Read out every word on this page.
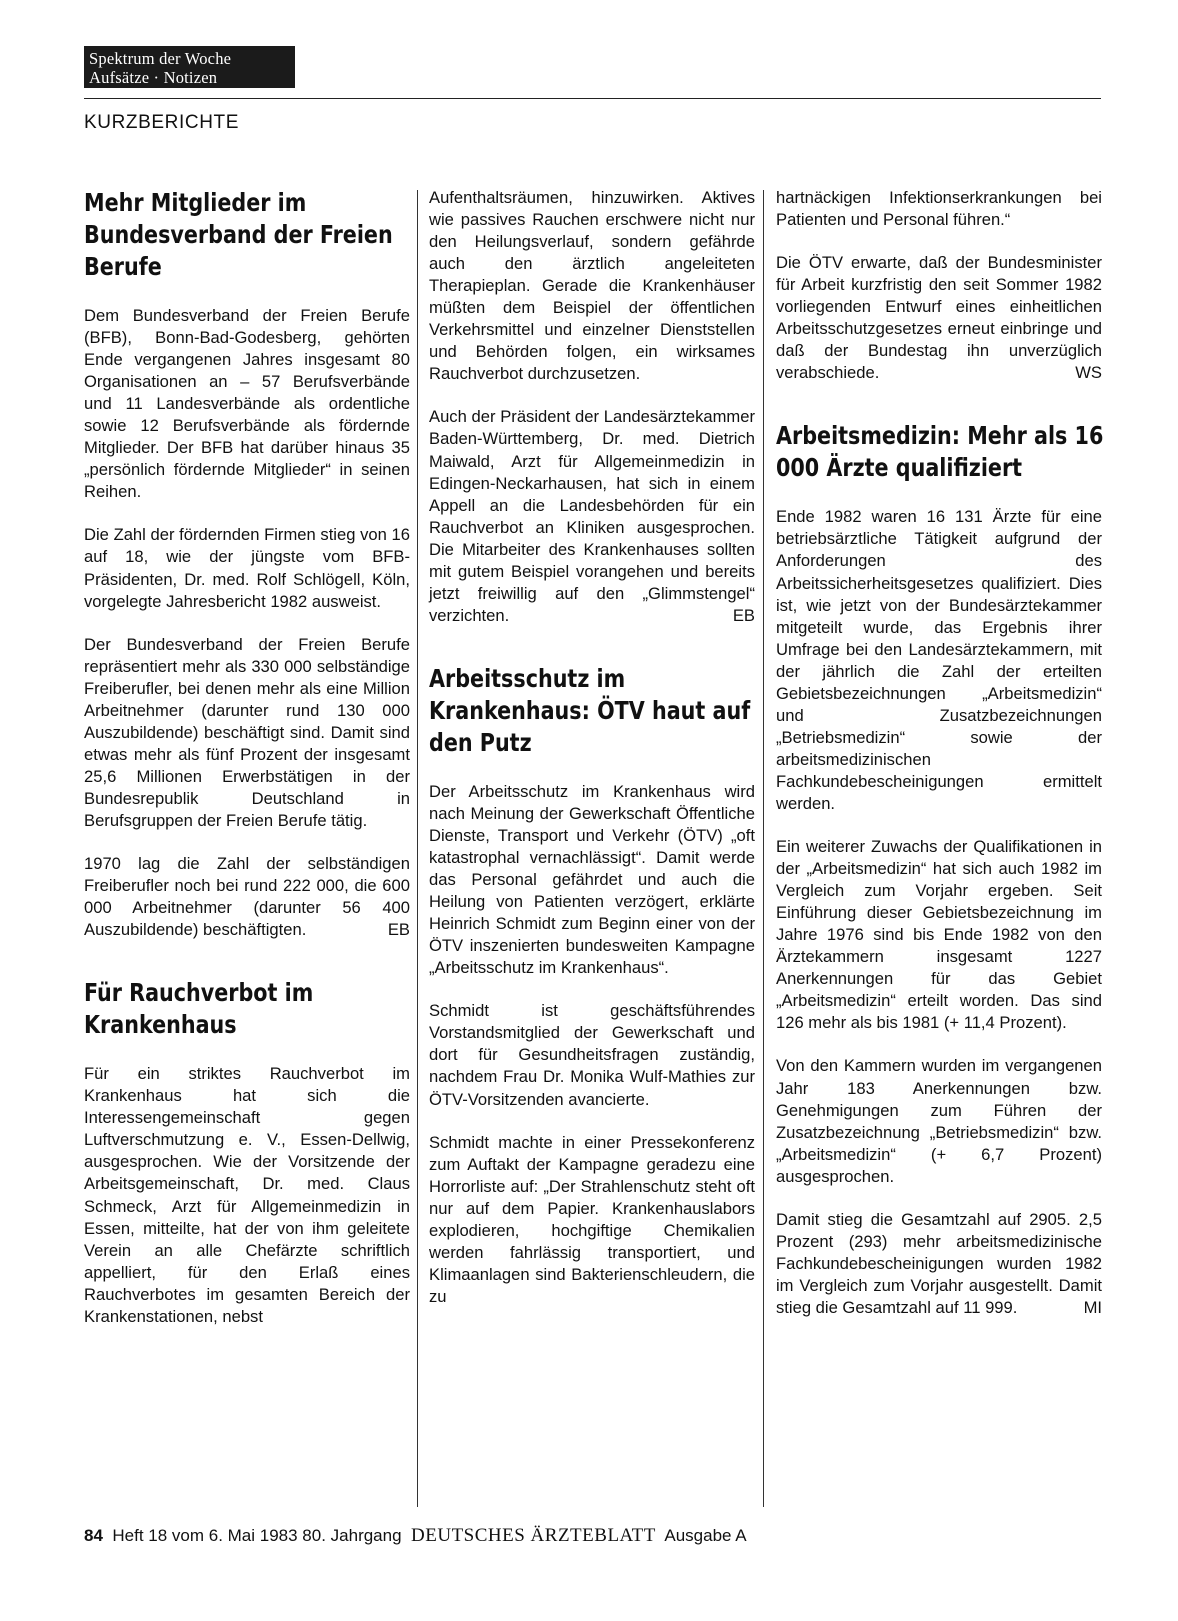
Spektrum der Woche
Aufsätze · Notizen
KURZBERICHTE
Mehr Mitglieder im Bundesverband der Freien Berufe

Dem Bundesverband der Freien Berufe (BFB), Bonn-Bad-Godesberg, gehörten Ende vergangenen Jahres insgesamt 80 Organisationen an – 57 Berufsverbände und 11 Landesverbände als ordentliche sowie 12 Berufsverbände als fördernde Mitglieder. Der BFB hat darüber hinaus 35 „persönlich fördernde Mitglieder“ in seinen Reihen.

Die Zahl der fördernden Firmen stieg von 16 auf 18, wie der jüngste vom BFB-Präsidenten, Dr. med. Rolf Schlögell, Köln, vorgelegte Jahresbericht 1982 ausweist.

Der Bundesverband der Freien Berufe repräsentiert mehr als 330 000 selbständige Freiberufler, bei denen mehr als eine Million Arbeitnehmer (darunter rund 130 000 Auszubildende) beschäftigt sind. Damit sind etwas mehr als fünf Prozent der insgesamt 25,6 Millionen Erwerbstätigen in der Bundesrepublik Deutschland in Berufsgruppen der Freien Berufe tätig.

1970 lag die Zahl der selbständigen Freiberufler noch bei rund 222 000, die 600 000 Arbeitnehmer (darunter 56 400 Auszubildende) beschäftigten.	EB

Für Rauchverbot im Krankenhaus

Für ein striktes Rauchverbot im Krankenhaus hat sich die Interessengemeinschaft gegen Luftverschmutzung e. V., Essen-Dellwig, ausgesprochen. Wie der Vorsitzende der Arbeitsgemeinschaft, Dr. med. Claus Schmeck, Arzt für Allgemeinmedizin in Essen, mitteilte, hat der von ihm geleitete Verein an alle Chefärzte schriftlich appelliert, für den Erlaß eines Rauchverbotes im gesamten Bereich der Krankenstationen, nebst

Aufenthaltsräumen, hinzuwirken. Aktives wie passives Rauchen erschwere nicht nur den Heilungsverlauf, sondern gefährde auch den ärztlich angeleiteten Therapieplan. Gerade die Krankenhäuser müßten dem Beispiel der öffentlichen Verkehrsmittel und einzelner Dienststellen und Behörden folgen, ein wirksames Rauchverbot durchzusetzen.

Auch der Präsident der Landesärztekammer Baden-Württemberg, Dr. med. Dietrich Maiwald, Arzt für Allgemeinmedizin in Edingen-Neckarhausen, hat sich in einem Appell an die Landesbehörden für ein Rauchverbot an Kliniken ausgesprochen. Die Mitarbeiter des Krankenhauses sollten mit gutem Beispiel vorangehen und bereits jetzt freiwillig auf den „Glimmstengel“ verzichten.	EB

Arbeitsschutz im Krankenhaus: ÖTV haut auf den Putz

Der Arbeitsschutz im Krankenhaus wird nach Meinung der Gewerkschaft Öffentliche Dienste, Transport und Verkehr (ÖTV) „oft katastrophal vernachlässigt“. Damit werde das Personal gefährdet und auch die Heilung von Patienten verzögert, erklärte Heinrich Schmidt zum Beginn einer von der ÖTV inszenierten bundesweiten Kampagne „Arbeitsschutz im Krankenhaus“.

Schmidt ist geschäftsführendes Vorstandsmitglied der Gewerkschaft und dort für Gesundheitsfragen zuständig, nachdem Frau Dr. Monika Wulf-Mathies zur ÖTV-Vorsitzenden avancierte.

Schmidt machte in einer Pressekonferenz zum Auftakt der Kampagne geradezu eine Horrorliste auf: „Der Strahlenschutz steht oft nur auf dem Papier. Krankenhauslabors explodieren, hochgiftige Chemikalien werden fahrlässig transportiert, und Klimaanlagen sind Bakterienschleudern, die zu

hartnäckigen Infektionserkrankungen bei Patienten und Personal führen.“

Die ÖTV erwarte, daß der Bundesminister für Arbeit kurzfristig den seit Sommer 1982 vorliegenden Entwurf eines einheitlichen Arbeitsschutzgesetzes erneut einbringe und daß der Bundestag ihn unverzüglich verabschiede.	WS

Arbeitsmedizin: Mehr als 16 000 Ärzte qualifiziert

Ende 1982 waren 16 131 Ärzte für eine betriebsärztliche Tätigkeit aufgrund der Anforderungen des Arbeitssicherheitsgesetzes qualifiziert. Dies ist, wie jetzt von der Bundesärztekammer mitgeteilt wurde, das Ergebnis ihrer Umfrage bei den Landesärztekammern, mit der jährlich die Zahl der erteilten Gebietsbezeichnungen „Arbeitsmedizin“ und Zusatzbezeichnungen „Betriebsmedizin“ sowie der arbeitsmedizinischen Fachkundebescheinigungen ermittelt werden.

Ein weiterer Zuwachs der Qualifikationen in der „Arbeitsmedizin“ hat sich auch 1982 im Vergleich zum Vorjahr ergeben. Seit Einführung dieser Gebietsbezeichnung im Jahre 1976 sind bis Ende 1982 von den Ärztekammern insgesamt 1227 Anerkennungen für das Gebiet „Arbeitsmedizin“ erteilt worden. Das sind 126 mehr als bis 1981 (+ 11,4 Prozent).

Von den Kammern wurden im vergangenen Jahr 183 Anerkennungen bzw. Genehmigungen zum Führen der Zusatzbezeichnung „Betriebsmedizin“ bzw. „Arbeitsmedizin“ (+ 6,7 Prozent) ausgesprochen.

Damit stieg die Gesamtzahl auf 2905. 2,5 Prozent (293) mehr arbeitsmedizinische Fachkundebescheinigungen wurden 1982 im Vergleich zum Vorjahr ausgestellt. Damit stieg die Gesamtzahl auf 11 999.	MI

84 Heft 18 vom 6. Mai 1983 80. Jahrgang DEUTSCHES ÄRZTEBLATT Ausgabe A
